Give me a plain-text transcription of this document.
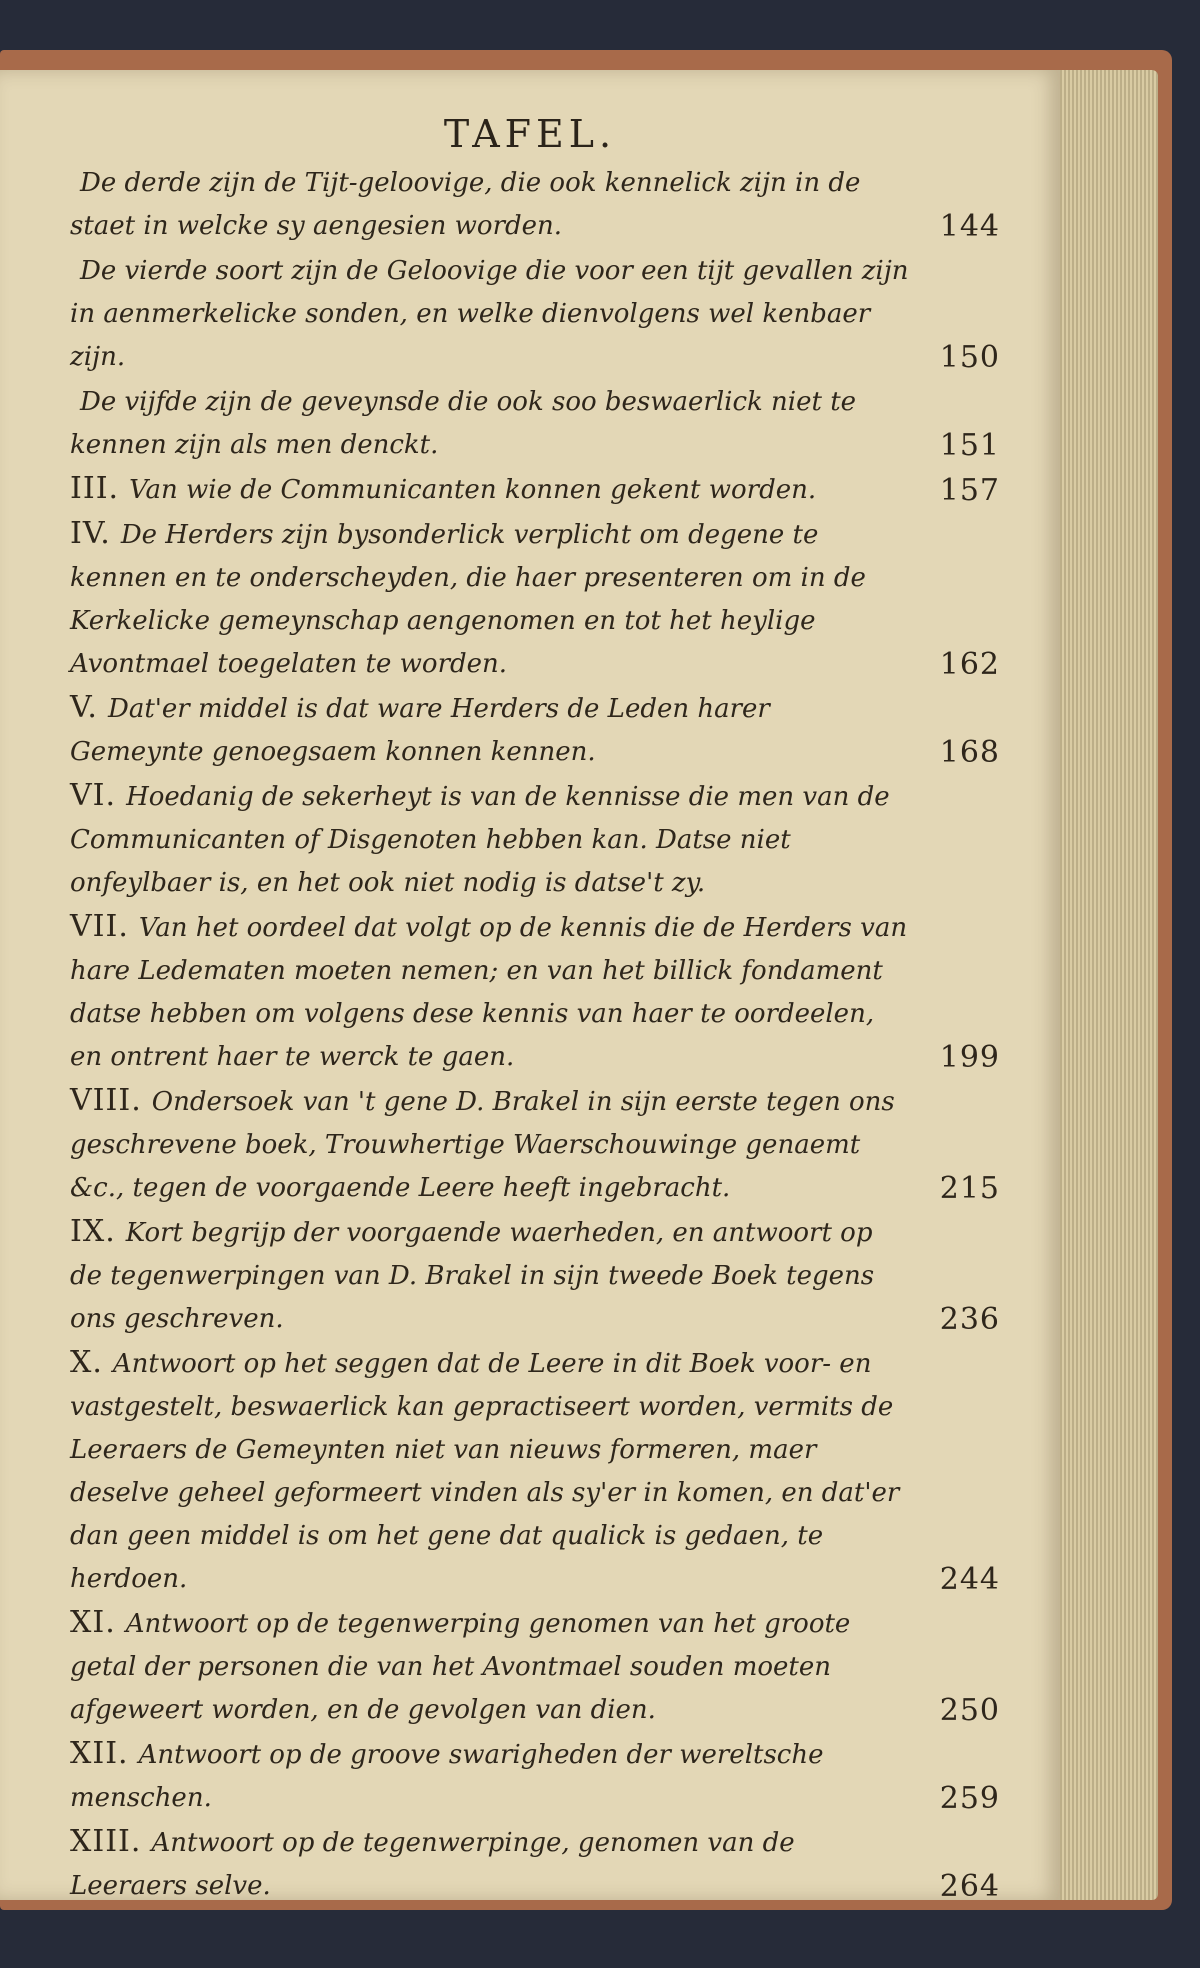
TAFEL.
De derde zijn de Tijt-geloovige, die ook kennelick zijn in de staet in welcke sy aengesien worden.	144
De vierde soort zijn de Geloovige die voor een tijt gevallen zijn in aenmerkelicke sonden, en welke dienvolgens wel kenbaer zijn.	150
De vijfde zijn de geveynsde die ook soo beswaerlick niet te kennen zijn als men denckt.	151
III. Van wie de Communicanten konnen gekent worden.	157
IV. De Herders zijn bysonderlick verplicht om degene te kennen en te onderscheyden, die haer presenteren om in de Kerkelicke gemeynschap aengenomen en tot het heylige Avontmael toegelaten te worden.	162
V. Dat'er middel is dat ware Herders de Leden harer Gemeynte genoegsaem konnen kennen.	168
VI. Hoedanig de sekerheyt is van de kennisse die men van de Communicanten of Disgenoten hebben kan. Datse niet onfeylbaer is, en het ook niet nodig is datse't zy.
VII. Van het oordeel dat volgt op de kennis die de Herders van hare Ledematen moeten nemen; en van het billick fondament datse hebben om volgens dese kennis van haer te oordeelen, en ontrent haer te werck te gaen.	199
VIII. Ondersoek van 't gene D. Brakel in sijn eerste tegen ons geschrevene boek, Trouwhertige Waerschouwinge genaemt &c., tegen de voorgaende Leere heeft ingebracht.	215
IX. Kort begrijp der voorgaende waerheden, en antwoort op de tegenwerpingen van D. Brakel in sijn tweede Boek tegens ons geschreven.	236
X. Antwoort op het seggen dat de Leere in dit Boek voor- en vastgestelt, beswaerlick kan gepractiseert worden, vermits de Leeraers de Gemeynten niet van nieuws formeren, maer deselve geheel geformeert vinden als sy'er in komen, en dat'er dan geen middel is om het gene dat qualick is gedaen, te herdoen.	244
XI. Antwoort op de tegenwerping genomen van het groote getal der personen die van het Avontmael souden moeten afgeweert worden, en de gevolgen van dien.	250
XII. Antwoort op de groove swarigheden der wereltsche menschen.	259
XIII. Antwoort op de tegenwerpinge, genomen van de Leeraers selve.	264
